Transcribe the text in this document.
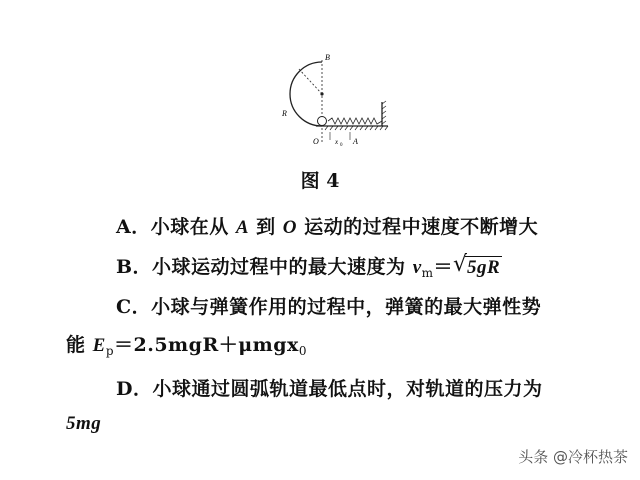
R
B
O x 0 A
图 4
A．小球在从 A 到 O 运动的过程中速度不断增大
B．小球运动过程中的最大速度为 $v_m=$ √ 5gR
C．小球与弹簧作用的过程中，弹簧的最大弹性势
能 $E_p=2.5mgR+\mu mgx_0$
D．小球通过圆弧轨道最低点时，对轨道的压力为
5mg
头条 @冷杯热茶
